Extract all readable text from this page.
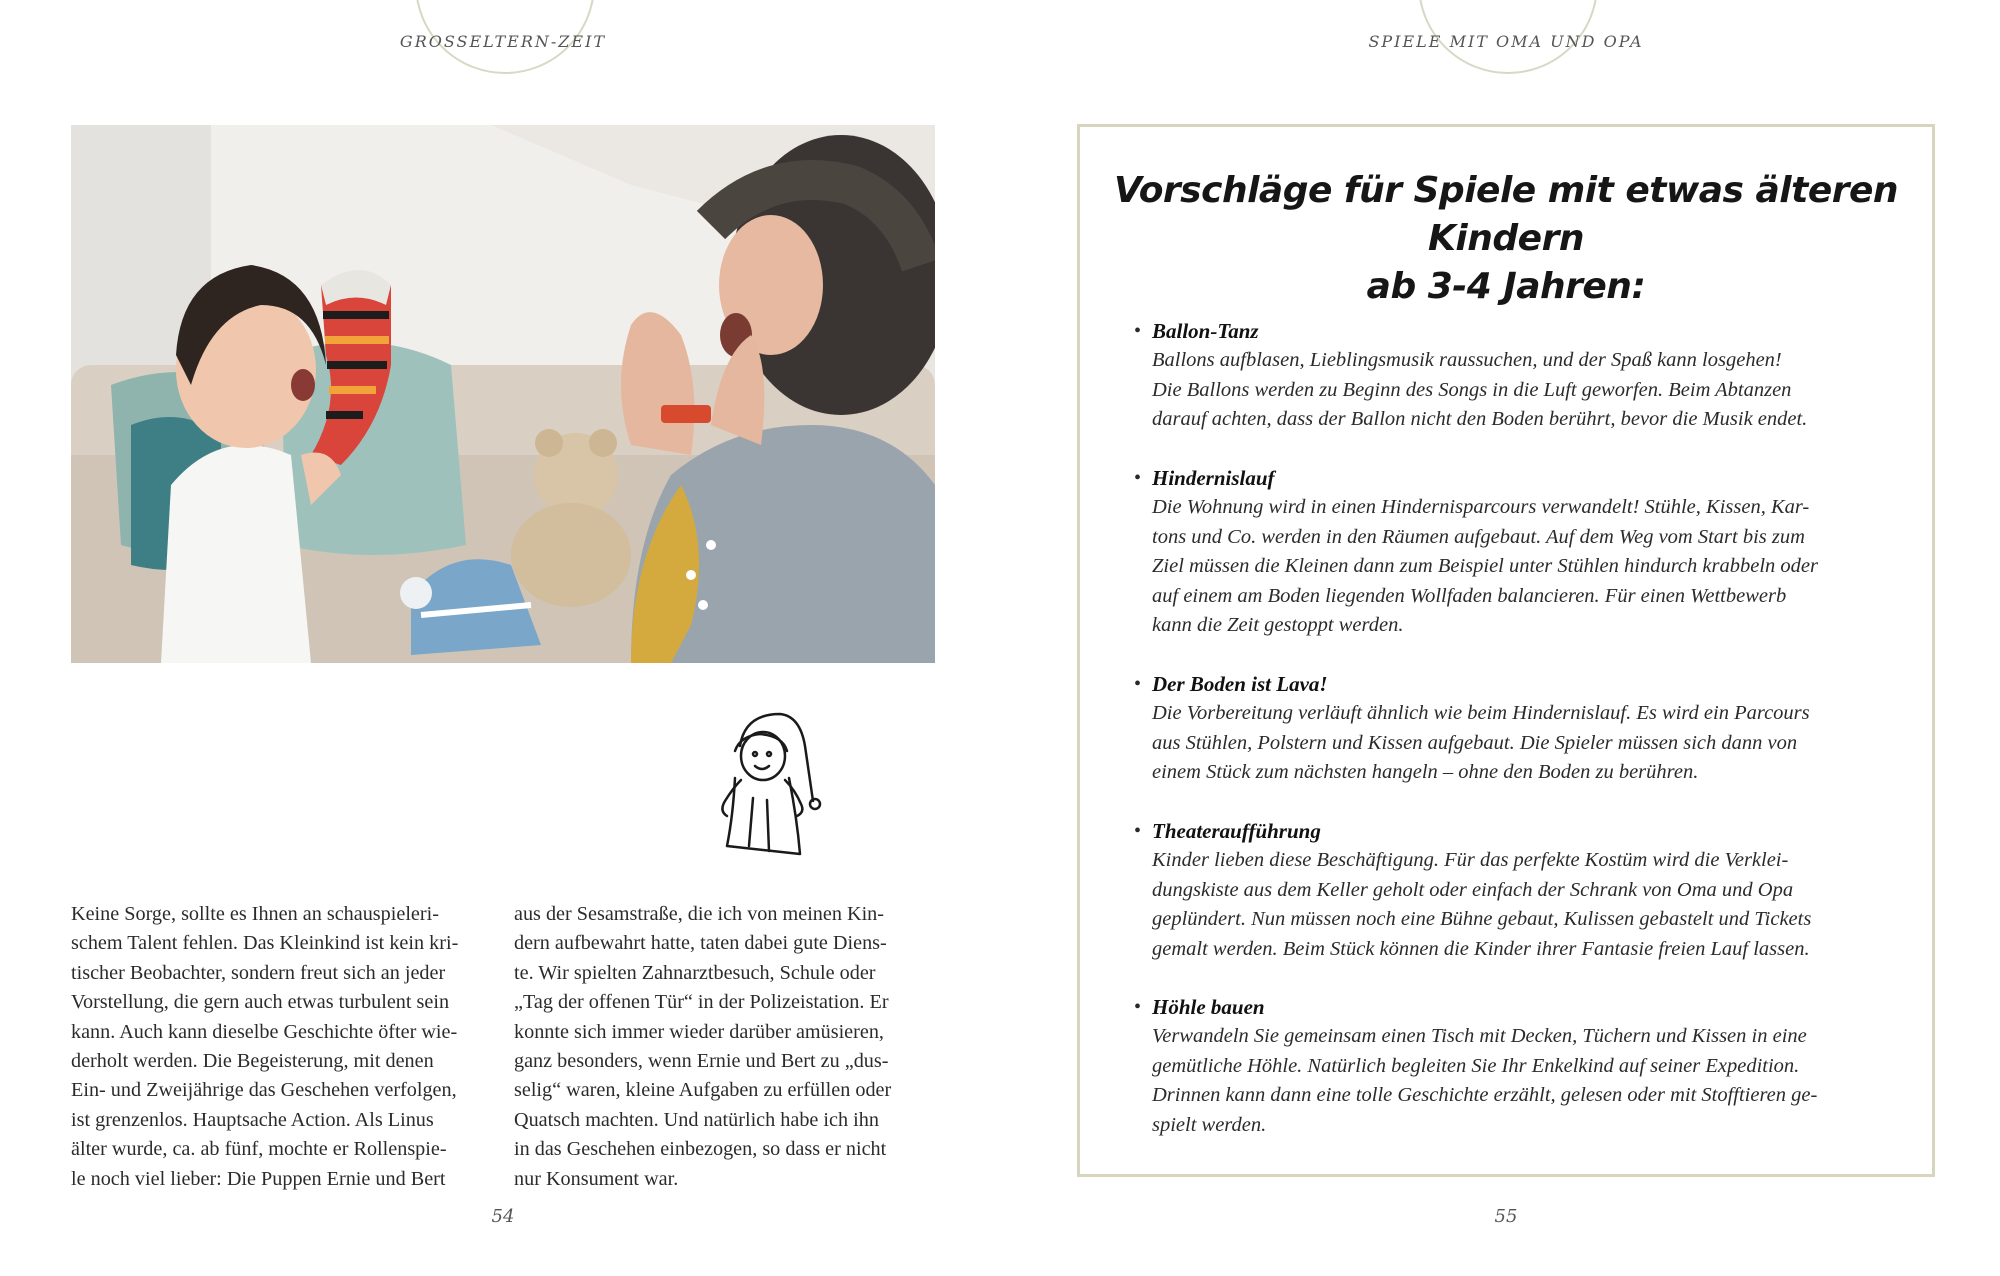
GROSSELTERN-ZEIT

Keine Sorge, sollte es Ihnen an schauspieleri-

schem Talent fehlen. Das Kleinkind ist kein kri-

tischer Beobachter, sondern freut sich an jeder

Vorstellung, die gern auch etwas turbulent sein

kann. Auch kann dieselbe Geschichte öfter wie-

derholt werden. Die Begeisterung, mit denen

Ein- und Zweijährige das Geschehen verfolgen,

ist grenzenlos. Hauptsache Action. Als Linus

älter wurde, ca. ab fünf, mochte er Rollenspie-

le noch viel lieber: Die Puppen Ernie und Bert

aus der Sesamstraße, die ich von meinen Kin-

dern aufbewahrt hatte, taten dabei gute Diens-

te. Wir spielten Zahnarztbesuch, Schule oder

„Tag der offenen Tür“ in der Polizeistation. Er

konnte sich immer wieder darüber amüsieren,

ganz besonders, wenn Ernie und Bert zu „dus-

selig“ waren, kleine Aufgaben zu erfüllen oder

Quatsch machten. Und natürlich habe ich ihn

in das Geschehen einbezogen, so dass er nicht

nur Konsument war.

54
SPIELE MIT OMA UND OPA
Vorschläge für Spiele mit etwas älteren Kindern
ab 3-4 Jahren:
• Ballon-Tanz
Ballons aufblasen, Lieblingsmusik raussuchen, und der Spaß kann losgehen!
Die Ballons werden zu Beginn des Songs in die Luft geworfen. Beim Abtanzen
darauf achten, dass der Ballon nicht den Boden berührt, bevor die Musik endet.
• Hindernislauf
Die Wohnung wird in einen Hindernisparcours verwandelt! Stühle, Kissen, Kar-
tons und Co. werden in den Räumen aufgebaut. Auf dem Weg vom Start bis zum
Ziel müssen die Kleinen dann zum Beispiel unter Stühlen hindurch krabbeln oder
auf einem am Boden liegenden Wollfaden balancieren. Für einen Wettbewerb
kann die Zeit gestoppt werden.
• Der Boden ist Lava!
Die Vorbereitung verläuft ähnlich wie beim Hindernislauf. Es wird ein Parcours
aus Stühlen, Polstern und Kissen aufgebaut. Die Spieler müssen sich dann von
einem Stück zum nächsten hangeln – ohne den Boden zu berühren.
• Theateraufführung
Kinder lieben diese Beschäftigung. Für das perfekte Kostüm wird die Verklei-
dungskiste aus dem Keller geholt oder einfach der Schrank von Oma und Opa
geplündert. Nun müssen noch eine Bühne gebaut, Kulissen gebastelt und Tickets
gemalt werden. Beim Stück können die Kinder ihrer Fantasie freien Lauf lassen.
• Höhle bauen
Verwandeln Sie gemeinsam einen Tisch mit Decken, Tüchern und Kissen in eine
gemütliche Höhle. Natürlich begleiten Sie Ihr Enkelkind auf seiner Expedition.
Drinnen kann dann eine tolle Geschichte erzählt, gelesen oder mit Stofftieren ge-
spielt werden.
55
